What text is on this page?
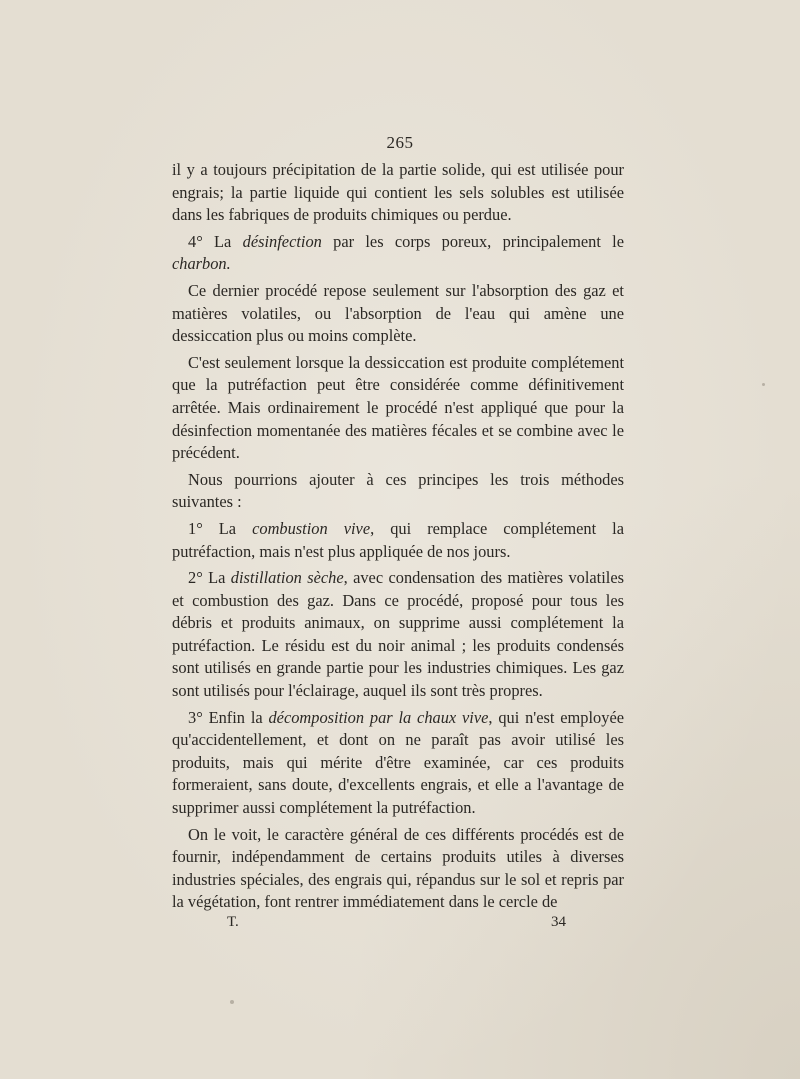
265

il y a toujours précipitation de la partie solide, qui est utilisée pour engrais; la partie liquide qui contient les sels solubles est utilisée dans les fabriques de produits chimiques ou perdue.

4° La désinfection par les corps poreux, principalement le charbon.

Ce dernier procédé repose seulement sur l'absorption des gaz et matières volatiles, ou l'absorption de l'eau qui amène une dessiccation plus ou moins complète.

C'est seulement lorsque la dessiccation est produite complétement que la putréfaction peut être considérée comme définitivement arrêtée. Mais ordinairement le procédé n'est appliqué que pour la désinfection momentanée des matières fécales et se combine avec le précédent.

Nous pourrions ajouter à ces principes les trois méthodes suivantes :

1° La combustion vive, qui remplace complétement la putréfaction, mais n'est plus appliquée de nos jours.

2° La distillation sèche, avec condensation des matières volatiles et combustion des gaz. Dans ce procédé, proposé pour tous les débris et produits animaux, on supprime aussi complétement la putréfaction. Le résidu est du noir animal ; les produits condensés sont utilisés en grande partie pour les industries chimiques. Les gaz sont utilisés pour l'éclairage, auquel ils sont très propres.

3° Enfin la décomposition par la chaux vive, qui n'est employée qu'accidentellement, et dont on ne paraît pas avoir utilisé les produits, mais qui mérite d'être examinée, car ces produits formeraient, sans doute, d'excellents engrais, et elle a l'avantage de supprimer aussi complétement la putréfaction.

On le voit, le caractère général de ces différents procédés est de fournir, indépendamment de certains produits utiles à diverses industries spéciales, des engrais qui, répandus sur le sol et repris par la végétation, font rentrer immédiatement dans le cercle de

T.	34
